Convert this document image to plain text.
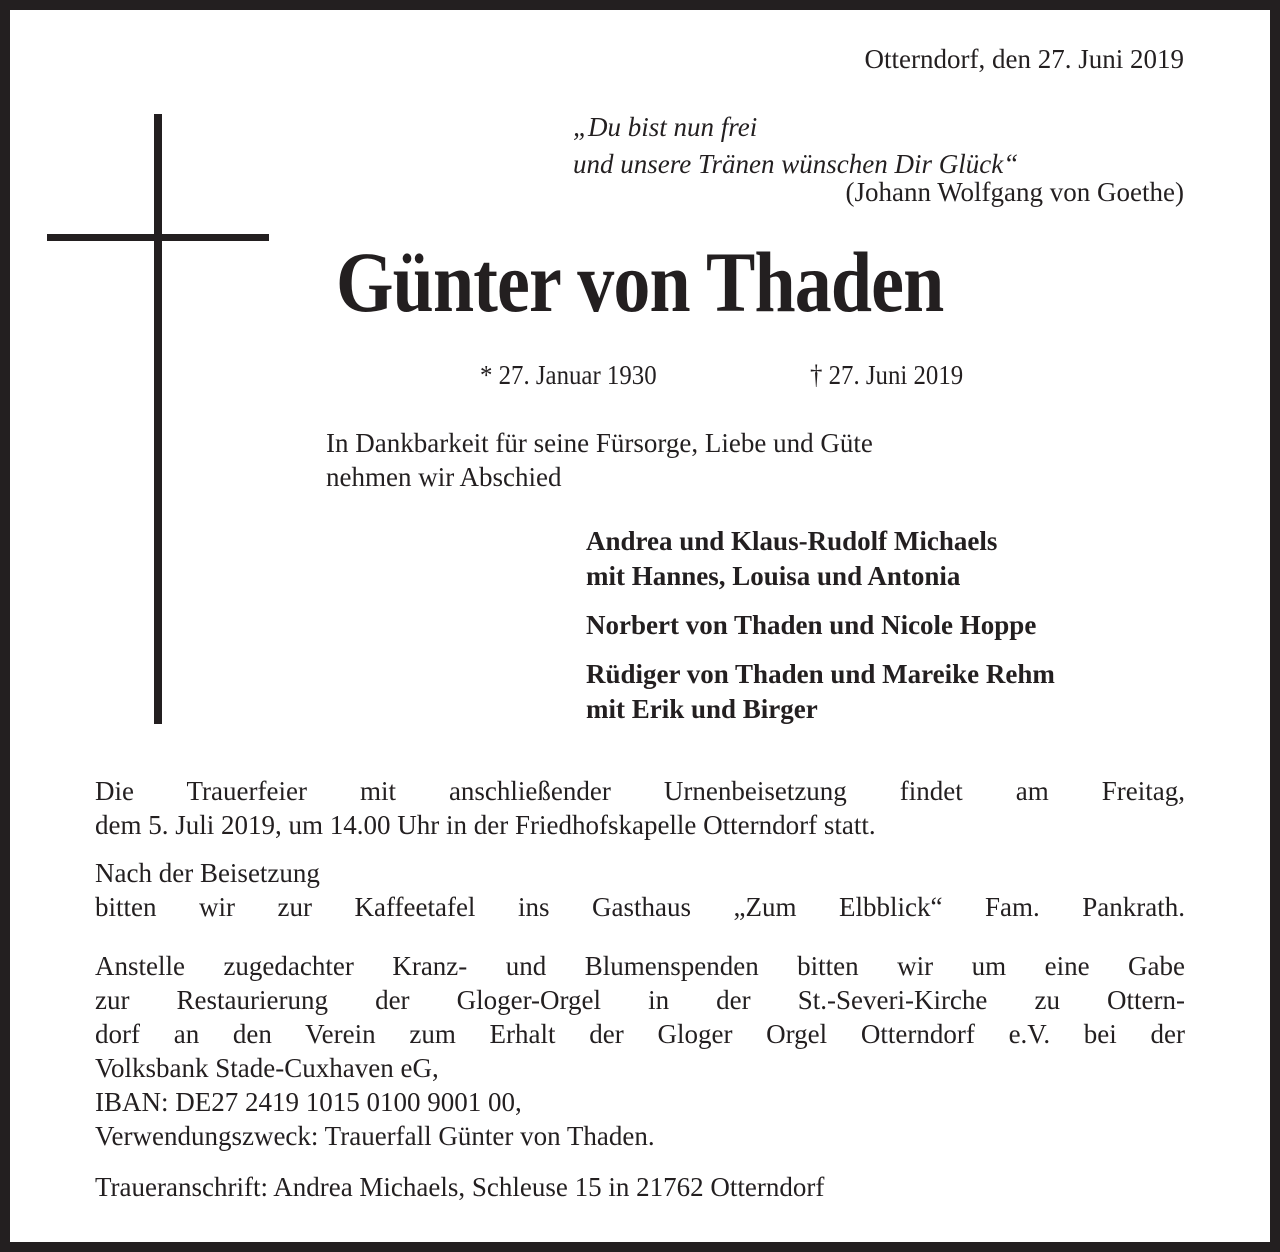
Otterndorf, den 27. Juni 2019
„Du bist nun frei
und unsere Tränen wünschen Dir Glück“
(Johann Wolfgang von Goethe)
Günter von Thaden
* 27. Januar 1930	† 27. Juni 2019
In Dankbarkeit für seine Fürsorge, Liebe und Güte
nehmen wir Abschied
Andrea und Klaus-Rudolf Michaels
mit Hannes, Louisa und Antonia
Norbert von Thaden und Nicole Hoppe
Rüdiger von Thaden und Mareike Rehm
mit Erik und Birger
Die Trauerfeier mit anschließender Urnenbeisetzung findet am Freitag,
dem 5. Juli 2019, um 14.00 Uhr in der Friedhofskapelle Otterndorf statt.
Nach der Beisetzung
bitten wir zur Kaffeetafel ins Gasthaus „Zum Elbblick“ Fam. Pankrath.
Anstelle zugedachter Kranz- und Blumenspenden bitten wir um eine Gabe
zur Restaurierung der Gloger-Orgel in der St.-Severi-Kirche zu Ottern-
dorf an den Verein zum Erhalt der Gloger Orgel Otterndorf e.V. bei der
Volksbank Stade-Cuxhaven eG,
IBAN: DE27 2419 1015 0100 9001 00,
Verwendungszweck: Trauerfall Günter von Thaden.
Traueranschrift: Andrea Michaels, Schleuse 15 in 21762 Otterndorf
